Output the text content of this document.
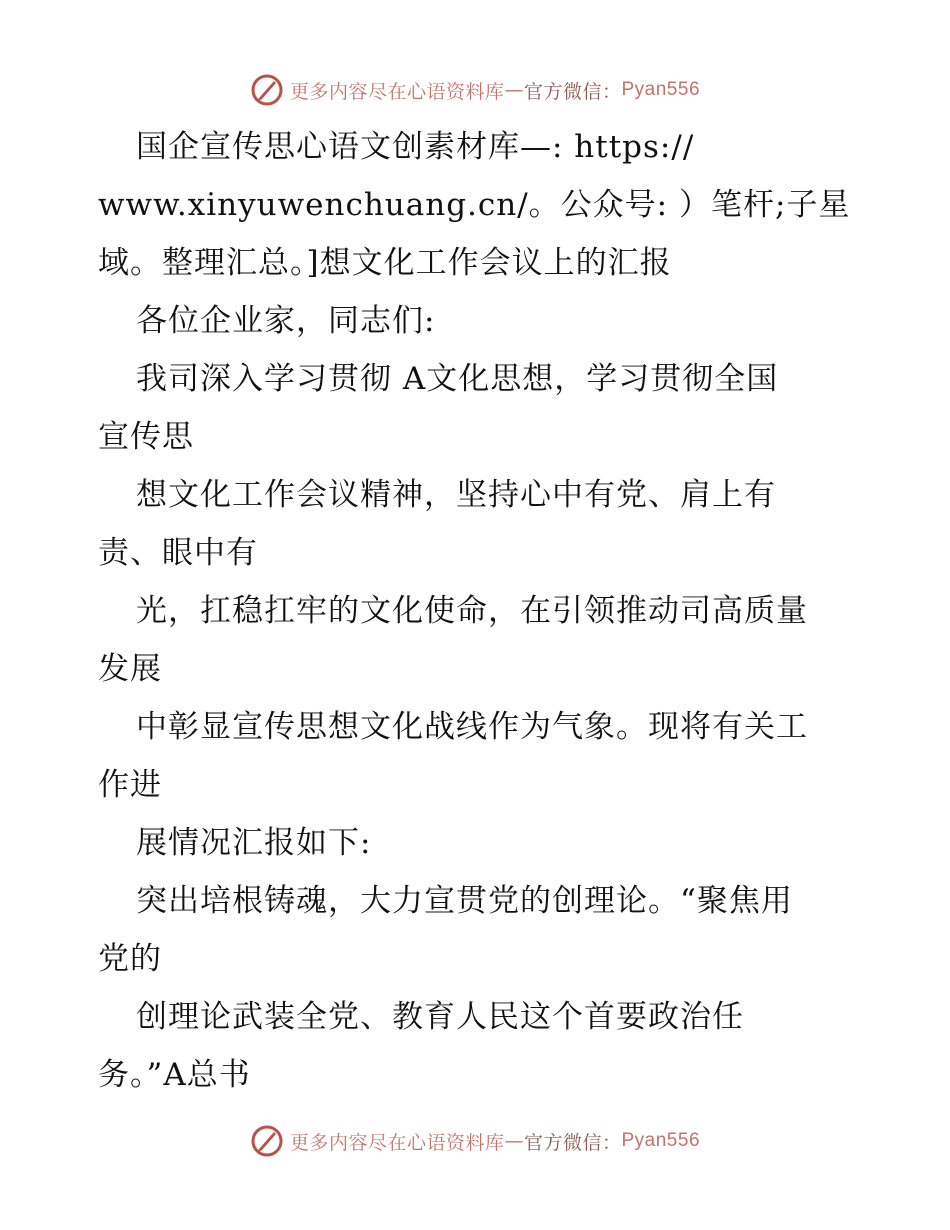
更多内容尽在心语资料库 — 官方微信： Pyan556
国企宣传思心语文创素材库—: https://
www.xinyuwenchuang.cn/。公众号: ）笔杆;子星
域。整理汇总。]想文化工作会议上的汇报
各位企业家，同志们:
我司深入学习贯彻 A文化思想，学习贯彻全国
宣传思
想文化工作会议精神，坚持心中有党、肩上有
责、眼中有
光，扛稳扛牢的文化使命，在引领推动司高质量
发展
中彰显宣传思想文化战线作为气象。现将有关工
作进
展情况汇报如下:
突出培根铸魂，大力宣贯党的创理论。“聚焦用
党的
创理论武装全党、教育人民这个首要政治任
务。”A总书
更多内容尽在心语资料库 — 官方微信： Pyan556
